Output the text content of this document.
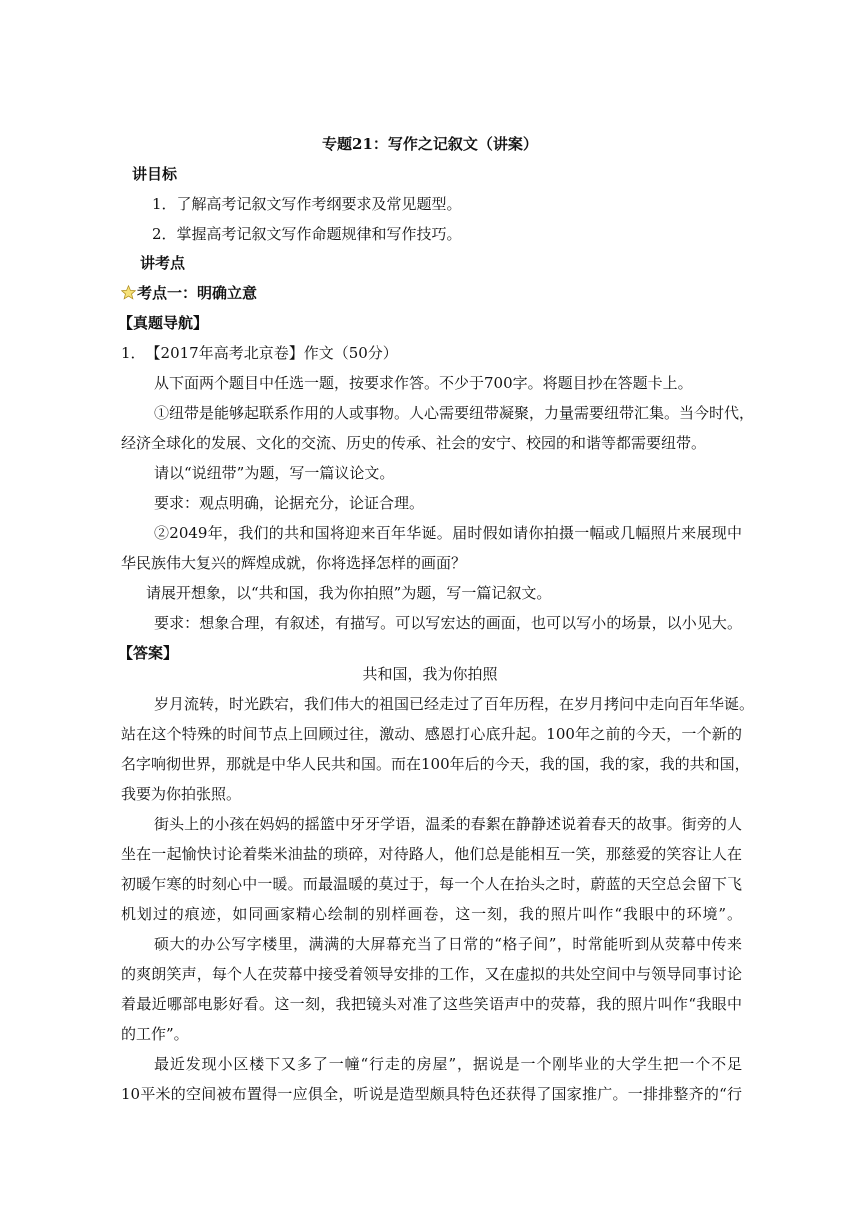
专题21：写作之记叙文（讲案）
讲目标
1．了解高考记叙文写作考纲要求及常见题型。
2．掌握高考记叙文写作命题规律和写作技巧。
讲考点
考点一：明确立意
【真题导航】
1．　【2017年高考北京卷】作文（50分）
从下面两个题目中任选一题，按要求作答。不少于700字。将题目抄在答题卡上。
①纽带是能够起联系作用的人或事物。人心需要纽带凝聚，力量需要纽带汇集。当今时代，
经济全球化的发展、文化的交流、历史的传承、社会的安宁、校园的和谐等都需要纽带。
请以“说纽带”为题，写一篇议论文。
要求：观点明确，论据充分，论证合理。
②2049年，我们的共和国将迎来百年华诞。届时假如请你拍摄一幅或几幅照片来展现中
华民族伟大复兴的辉煌成就，你将选择怎样的画面？
请展开想象，以“共和国，我为你拍照”为题，写一篇记叙文。
要求：想象合理，有叙述，有描写。可以写宏达的画面，也可以写小的场景，以小见大。
【答案】
共和国，我为你拍照
岁月流转，时光跌宕，我们伟大的祖国已经走过了百年历程，在岁月拷问中走向百年华诞。
站在这个特殊的时间节点上回顾过往，激动、感恩打心底升起。100年之前的今天，一个新的
名字响彻世界，那就是中华人民共和国。而在100年后的今天，我的国，我的家，我的共和国，
我要为你拍张照。
街头上的小孩在妈妈的摇篮中牙牙学语，温柔的春絮在静静述说着春天的故事。街旁的人
坐在一起愉快讨论着柴米油盐的琐碎，对待路人，他们总是能相互一笑，那慈爱的笑容让人在
初暖乍寒的时刻心中一暖。而最温暖的莫过于，每一个人在抬头之时，蔚蓝的天空总会留下飞
机划过的痕迹，如同画家精心绘制的别样画卷，这一刻，我的照片叫作“我眼中的环境”。
硕大的办公写字楼里，满满的大屏幕充当了日常的“格子间”，时常能听到从荧幕中传来
的爽朗笑声，每个人在荧幕中接受着领导安排的工作，又在虚拟的共处空间中与领导同事讨论
着最近哪部电影好看。这一刻，我把镜头对准了这些笑语声中的荧幕，我的照片叫作“我眼中
的工作”。
最近发现小区楼下又多了一幢“行走的房屋”，据说是一个刚毕业的大学生把一个不足
10平米的空间被布置得一应俱全，听说是造型颇具特色还获得了国家推广。一排排整齐的“行
